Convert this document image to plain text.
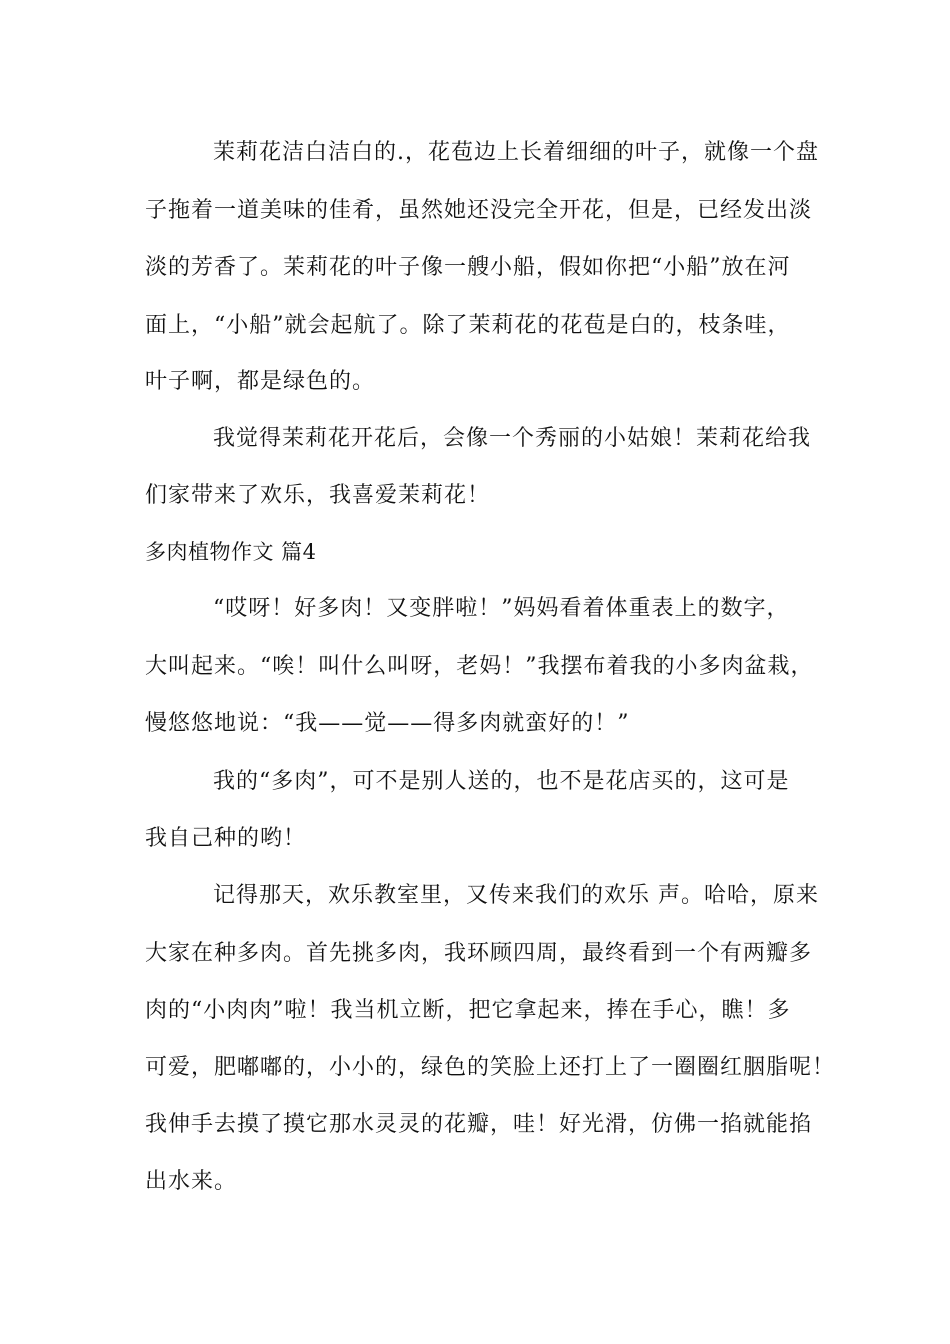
茉莉花洁白洁白的.，花苞边上长着细细的叶子，就像一个盘

子拖着一道美味的佳肴，虽然她还没完全开花，但是，已经发出淡

淡的芳香了。茉莉花的叶子像一艘小船，假如你把“小船”放在河

面上，“小船”就会起航了。除了茉莉花的花苞是白的，枝条哇，

叶子啊，都是绿色的。

我觉得茉莉花开花后，会像一个秀丽的小姑娘！茉莉花给我

们家带来了欢乐，我喜爱茉莉花！

多肉植物作文 篇4

“哎呀！好多肉！又变胖啦！”妈妈看着体重表上的数字，

大叫起来。“唉！叫什么叫呀，老妈！”我摆布着我的小多肉盆栽，

慢悠悠地说：“我——觉——得多肉就蛮好的！”

我的“多肉”，可不是别人送的，也不是花店买的，这可是

我自己种的哟！

记得那天，欢乐教室里，又传来我们的欢乐 声。哈哈，原来

大家在种多肉。首先挑多肉，我环顾四周，最终看到一个有两瓣多

肉的“小肉肉”啦！我当机立断，把它拿起来，捧在手心，瞧！多

可爱，肥嘟嘟的，小小的，绿色的笑脸上还打上了一圈圈红胭脂呢！

我伸手去摸了摸它那水灵灵的花瓣，哇！好光滑，仿佛一掐就能掐

出水来。
